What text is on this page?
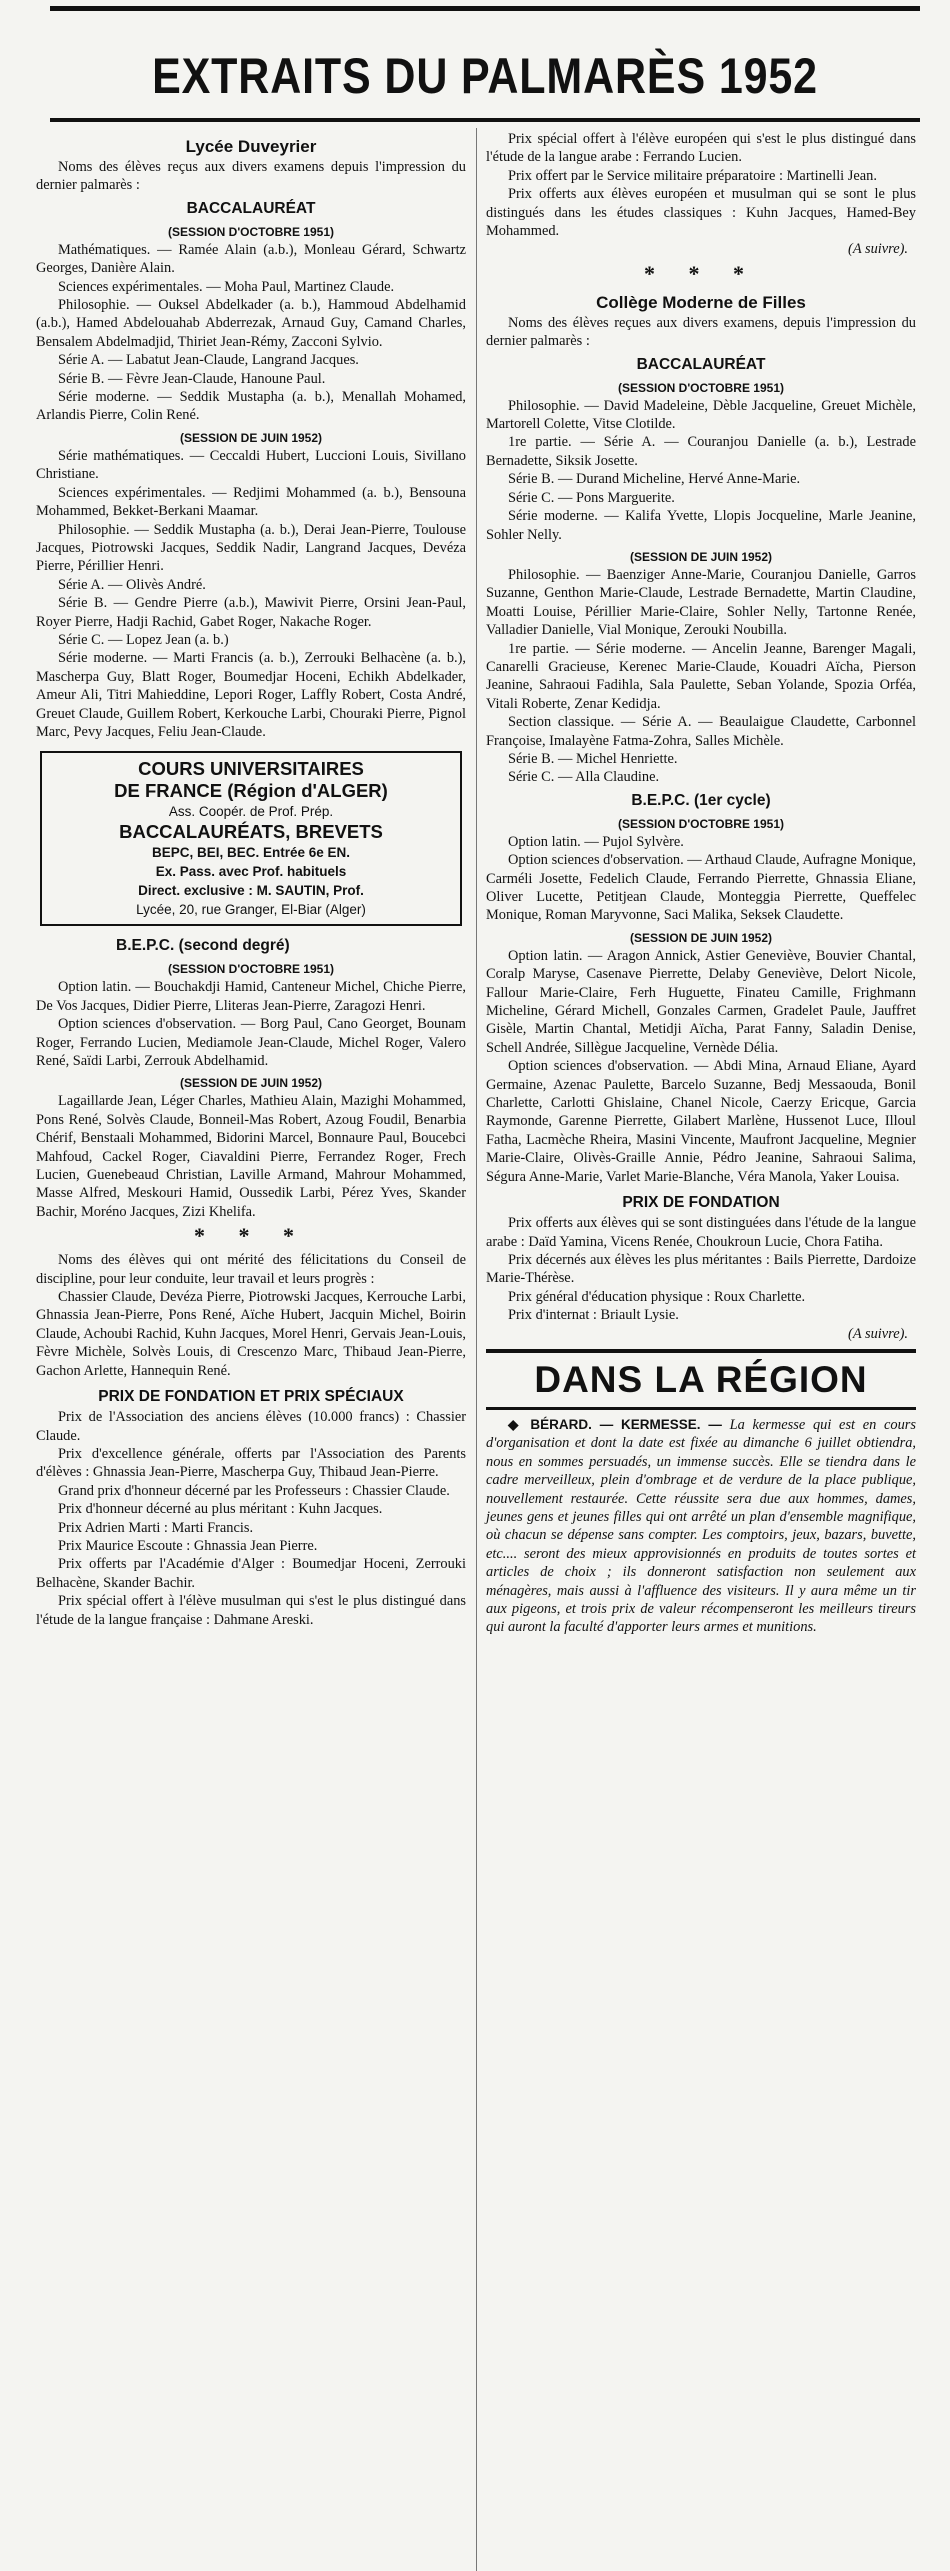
EXTRAITS DU PALMARÈS 1952
Lycée Duveyrier

Noms des élèves reçus aux divers examens depuis l'impression du dernier palmarès :

BACCALAURÉAT
(SESSION D'OCTOBRE 1951)

Mathématiques. — Ramée Alain (a.b.), Monleau Gérard, Schwartz Georges, Danière Alain.

Sciences expérimentales. — Moha Paul, Martinez Claude.

Philosophie. — Ouksel Abdelkader (a. b.), Hammoud Abdelhamid (a.b.), Hamed Abdelouahab Abderrezak, Arnaud Guy, Camand Charles, Bensalem Abdelmadjid, Thiriet Jean-Rémy, Zacconi Sylvio.

Série A. — Labatut Jean-Claude, Langrand Jacques.

Série B. — Fèvre Jean-Claude, Hanoune Paul.

Série moderne. — Seddik Mustapha (a. b.), Menallah Mohamed, Arlandis Pierre, Colin René.

(SESSION DE JUIN 1952)

Série mathématiques. — Ceccaldi Hubert, Luccioni Louis, Sivillano Christiane.

Sciences expérimentales. — Redjimi Mohammed (a. b.), Bensouna Mohammed, Bekket-Berkani Maamar.

Philosophie. — Seddik Mustapha (a. b.), Derai Jean-Pierre, Toulouse Jacques, Piotrowski Jacques, Seddik Nadir, Langrand Jacques, Devéza Pierre, Périllier Henri.

Série A. — Olivès André.

Série B. — Gendre Pierre (a.b.), Mawivit Pierre, Orsini Jean-Paul, Royer Pierre, Hadji Rachid, Gabet Roger, Nakache Roger.

Série C. — Lopez Jean (a. b.)

Série moderne. — Marti Francis (a. b.), Zerrouki Belhacène (a. b.), Mascherpa Guy, Blatt Roger, Boumedjar Hoceni, Echikh Abdelkader, Ameur Ali, Titri Mahieddine, Lepori Roger, Laffly Robert, Costa André, Greuet Claude, Guillem Robert, Kerkouche Larbi, Chouraki Pierre, Pignol Marc, Pevy Jacques, Feliu Jean-Claude.

COURS UNIVERSITAIRES
DE FRANCE (Région d'ALGER)
Ass. Coopér. de Prof. Prép.
BACCALAURÉATS, BREVETS
BEPC, BEI, BEC. Entrée 6e EN.
Ex. Pass. avec Prof. habituels
Direct. exclusive : M. SAUTIN, Prof.
Lycée, 20, rue Granger, El-Biar (Alger)
B.E.P.C. (second degré)
(SESSION D'OCTOBRE 1951)

Option latin. — Bouchakdji Hamid, Canteneur Michel, Chiche Pierre, De Vos Jacques, Didier Pierre, Lliteras Jean-Pierre, Zaragozi Henri.

Option sciences d'observation. — Borg Paul, Cano Georget, Bounam Roger, Ferrando Lucien, Mediamole Jean-Claude, Michel Roger, Valero René, Saïdi Larbi, Zerrouk Abdelhamid.

(SESSION DE JUIN 1952)

Lagaillarde Jean, Léger Charles, Mathieu Alain, Mazighi Mohammed, Pons René, Solvès Claude, Bonneil-Mas Robert, Azoug Foudil, Benarbia Chérif, Benstaali Mohammed, Bidorini Marcel, Bonnaure Paul, Boucebci Mahfoud, Cackel Roger, Ciavaldini Pierre, Ferrandez Roger, Frech Lucien, Guenebeaud Christian, Laville Armand, Mahrour Mohammed, Masse Alfred, Meskouri Hamid, Oussedik Larbi, Pérez Yves, Skander Bachir, Moréno Jacques, Zizi Khelifa.

* * *

Noms des élèves qui ont mérité des félicitations du Conseil de discipline, pour leur conduite, leur travail et leurs progrès :

Chassier Claude, Devéza Pierre, Piotrowski Jacques, Kerrouche Larbi, Ghnassia Jean-Pierre, Pons René, Aïche Hubert, Jacquin Michel, Boirin Claude, Achoubi Rachid, Kuhn Jacques, Morel Henri, Gervais Jean-Louis, Fèvre Michèle, Solvès Louis, di Crescenzo Marc, Thibaud Jean-Pierre, Gachon Arlette, Hannequin René.

PRIX DE FONDATION ET PRIX SPÉCIAUX

Prix de l'Association des anciens élèves (10.000 francs) : Chassier Claude.

Prix d'excellence générale, offerts par l'Association des Parents d'élèves : Ghnassia Jean-Pierre, Mascherpa Guy, Thibaud Jean-Pierre.

Grand prix d'honneur décerné par les Professeurs : Chassier Claude.

Prix d'honneur décerné au plus méritant : Kuhn Jacques.

Prix Adrien Marti : Marti Francis.

Prix Maurice Escoute : Ghnassia Jean Pierre.

Prix offerts par l'Académie d'Alger : Boumedjar Hoceni, Zerrouki Belhacène, Skander Bachir.

Prix spécial offert à l'élève musulman qui s'est le plus distingué dans l'étude de la langue française : Dahmane Areski.

Prix spécial offert à l'élève européen qui s'est le plus distingué dans l'étude de la langue arabe : Ferrando Lucien.

Prix offert par le Service militaire préparatoire : Martinelli Jean.

Prix offerts aux élèves européen et musulman qui se sont le plus distingués dans les études classiques : Kuhn Jacques, Hamed-Bey Mohammed.

(A suivre).

* * *
Collège Moderne de Filles

Noms des élèves reçues aux divers examens, depuis l'impression du dernier palmarès :

BACCALAURÉAT
(SESSION D'OCTOBRE 1951)

Philosophie. — David Madeleine, Dèble Jacqueline, Greuet Michèle, Martorell Colette, Vitse Clotilde.

1re partie. — Série A. — Couranjou Danielle (a. b.), Lestrade Bernadette, Siksik Josette.

Série B. — Durand Micheline, Hervé Anne-Marie.

Série C. — Pons Marguerite.

Série moderne. — Kalifa Yvette, Llopis Jocqueline, Marle Jeanine, Sohler Nelly.

(SESSION DE JUIN 1952)

Philosophie. — Baenziger Anne-Marie, Couranjou Danielle, Garros Suzanne, Genthon Marie-Claude, Lestrade Bernadette, Martin Claudine, Moatti Louise, Périllier Marie-Claire, Sohler Nelly, Tartonne Renée, Valladier Danielle, Vial Monique, Zerouki Noubilla.

1re partie. — Série moderne. — Ancelin Jeanne, Barenger Magali, Canarelli Gracieuse, Kerenec Marie-Claude, Kouadri Aïcha, Pierson Jeanine, Sahraoui Fadihla, Sala Paulette, Seban Yolande, Spozia Orféa, Vitali Roberte, Zenar Kedidja.

Section classique. — Série A. — Beaulaigue Claudette, Carbonnel Françoise, Imalayène Fatma-Zohra, Salles Michèle.

Série B. — Michel Henriette.

Série C. — Alla Claudine.

B.E.P.C. (1er cycle)
(SESSION D'OCTOBRE 1951)

Option latin. — Pujol Sylvère.

Option sciences d'observation. — Arthaud Claude, Aufragne Monique, Carméli Josette, Fedelich Claude, Ferrando Pierrette, Ghnassia Eliane, Oliver Lucette, Petitjean Claude, Monteggia Pierrette, Queffelec Monique, Roman Maryvonne, Saci Malika, Seksek Claudette.

(SESSION DE JUIN 1952)

Option latin. — Aragon Annick, Astier Geneviève, Bouvier Chantal, Coralp Maryse, Casenave Pierrette, Delaby Geneviève, Delort Nicole, Fallour Marie-Claire, Ferh Huguette, Finateu Camille, Frighmann Micheline, Gérard Michell, Gonzales Carmen, Gradelet Paule, Jauffret Gisèle, Martin Chantal, Metidji Aïcha, Parat Fanny, Saladin Denise, Schell Andrée, Sillègue Jacqueline, Vernède Délia.

Option sciences d'observation. — Abdi Mina, Arnaud Eliane, Ayard Germaine, Azenac Paulette, Barcelo Suzanne, Bedj Messaouda, Bonil Charlette, Carlotti Ghislaine, Chanel Nicole, Caerzy Ericque, Garcia Raymonde, Garenne Pierrette, Gilabert Marlène, Hussenot Luce, Illoul Fatha, Lacmèche Rheira, Masini Vincente, Maufront Jacqueline, Megnier Marie-Claire, Olivès-Graille Annie, Pédro Jeanine, Sahraoui Salima, Ségura Anne-Marie, Varlet Marie-Blanche, Véra Manola, Yaker Louisa.

PRIX DE FONDATION

Prix offerts aux élèves qui se sont distinguées dans l'étude de la langue arabe : Daïd Yamina, Vicens Renée, Choukroun Lucie, Chora Fatiha.

Prix décernés aux élèves les plus méritantes : Bails Pierrette, Dardoize Marie-Thérèse.

Prix général d'éducation physique : Roux Charlette.

Prix d'internat : Briault Lysie.

(A suivre).

DANS LA RÉGION

◆ BÉRARD. — KERMESSE. — La kermesse qui est en cours d'organisation et dont la date est fixée au dimanche 6 juillet obtiendra, nous en sommes persuadés, un immense succès. Elle se tiendra dans le cadre merveilleux, plein d'ombrage et de verdure de la place publique, nouvellement restaurée. Cette réussite sera due aux hommes, dames, jeunes gens et jeunes filles qui ont arrêté un plan d'ensemble magnifique, où chacun se dépense sans compter. Les comptoirs, jeux, bazars, buvette, etc.... seront des mieux approvisionnés en produits de toutes sortes et articles de choix ; ils donneront satisfaction non seulement aux ménagères, mais aussi à l'affluence des visiteurs. Il y aura même un tir aux pigeons, et trois prix de valeur récompenseront les meilleurs tireurs qui auront la faculté d'apporter leurs armes et munitions.
